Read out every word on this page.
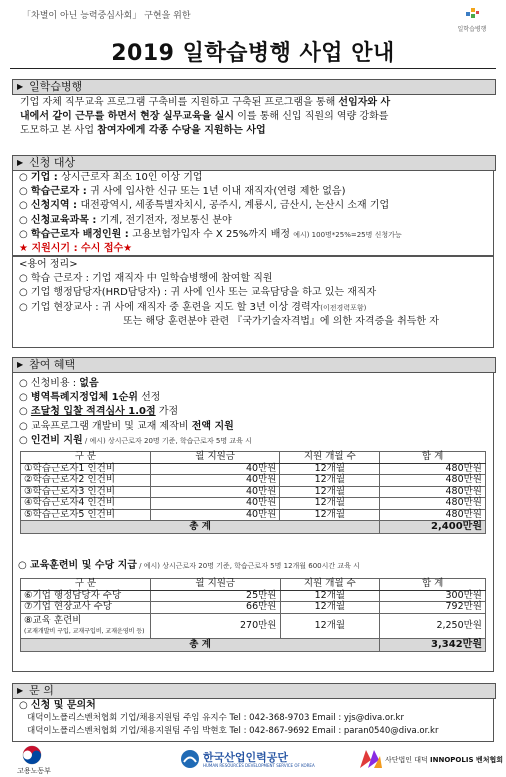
「차별이 아닌 능력중심사회」 구현을 위한
일학습병행
2019 일학습병행 사업 안내
▶ 일학습병행
기업 자체 직무교육 프로그램 구축비를 지원하고 구축된 프로그램을 통해 선임자와 사
내에서 같이 근무를 하면서 현장 실무교육을 실시 이를 통해 신입 직원의 역량 강화를
도모하고 본 사업 참여자에게 각종 수당을 지원하는 사업
▶ 신청 대상
○ 기업 : 상시근로자 최소 10인 이상 기업
○ 학습근로자 : 귀 사에 입사한 신규 또는 1년 이내 재직자(연령 제한 없음)
○ 신청지역 : 대전광역시, 세종특별자치시, 공주시, 계룡시, 금산시, 논산시 소재 기업
○ 신청교육과목 : 기계, 전기전자, 정보통신 분야
○ 학습근로자 배정인원 : 고용보험가입자 수 X 25%까지 배정 예시) 100명*25%=25명 신청가능
★ 지원시기 : 수시 접수★
<용어 정리>
○ 학습 근로자 : 기업 재직자 中 일학습병행에 참여할 직원
○ 기업 행정담당자(HRD담당자) : 귀 사에 인사 또는 교육담당을 하고 있는 재직자
○ 기업 현장교사 : 귀 사에 재직자 중 훈련을 지도 할 3년 이상 경력자(이전경력포함)
또는 해당 훈련분야 관련 『국가기술자격법』에 의한 자격증을 취득한 자
▶ 참여 혜택
○ 신청비용 : 없음
○ 병역특례지정업체 1순위 선정
○ 조달청 입찰 적격심사 1.0점 가점
○ 교육프로그램 개발비 및 교재 제작비 전액 지원
○ 인건비 지원 / 예시) 상시근로자 20명 기준, 학습근로자 5명 교육 시
구 분	월 지원금	지원 개월 수	합 계
①학습근로자1 인건비	40만원	12개월	480만원
②학습근로자2 인건비	40만원	12개월	480만원
③학습근로자3 인건비	40만원	12개월	480만원
④학습근로자4 인건비	40만원	12개월	480만원
⑤학습근로자5 인건비	40만원	12개월	480만원
총 계			2,400만원
○ 교육훈련비 및 수당 지급 / 예시) 상시근로자 20명 기준, 학습근로자 5명 12개월 600시간 교육 시
구 분	월 지원금	지원 개월 수	합 계
⑥기업 행정담당자 수당	25만원	12개월	300만원
⑦기업 현장교사 수당	66만원	12개월	792만원

⑧교육 훈련비
(교재개발비 구입, 교재구입비, 교재운영비 등)	270만원	12개월	2,250만원
총 계			3,342만원
▶ 문 의
○ 신청 및 문의처
대덕이노폴리스벤처협회 기업/채용지원팀 주임 유지수 Tel : 042-368-9703 Email : yjs@diva.or.kr
대덕이노폴리스벤처협회 기업/채용지원팀 주임 박현호 Tel : 042-867-9692 Email : paran0540@diva.or.kr
고용노동부
한국산업인력공단
HUMAN RESOURCES DEVELOPMENT SERVICE OF KOREA
사단법인 대덕 INNOPOLIS 벤처협회
